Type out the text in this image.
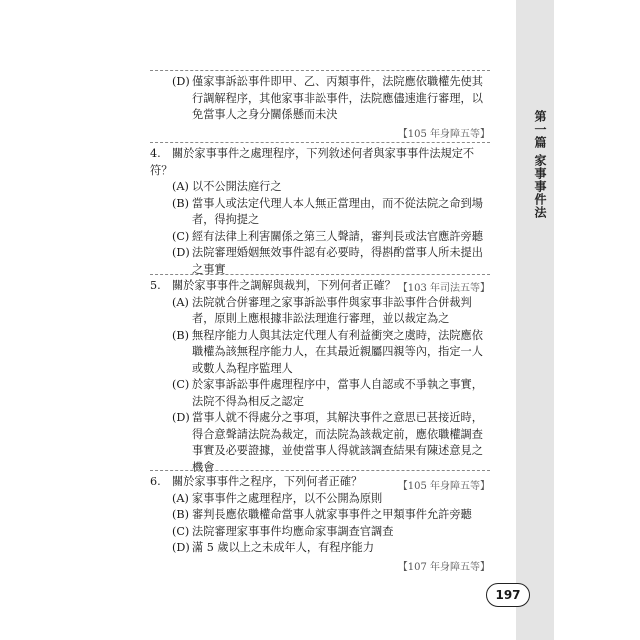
第一篇 家事事件法

(D) 僅家事訴訟事件即甲、乙、丙類事件，法院應依職權先使其行調解程序，其他家事非訟事件，法院應儘速進行審理，以免當事人之身分關係懸而未決

【105 年身障五等】

4. 關於家事事件之處理程序，下列敘述何者與家事事件法規定不符？

(A) 以不公開法庭行之

(B) 當事人或法定代理人本人無正當理由，而不從法院之命到場者，得拘提之

(C) 經有法律上利害關係之第三人聲請，審判長或法官應許旁聽

(D) 法院審理婚姻無效事件認有必要時，得斟酌當事人所未提出之事實

【103 年司法五等】

5. 關於家事事件之調解與裁判，下列何者正確？

(A) 法院就合併審理之家事訴訟事件與家事非訟事件合併裁判者，原則上應根據非訟法理進行審理，並以裁定為之

(B) 無程序能力人與其法定代理人有利益衝突之虞時，法院應依職權為該無程序能力人，在其最近親屬四親等內，指定一人或數人為程序監理人

(C) 於家事訴訟事件處理程序中，當事人自認或不爭執之事實，法院不得為相反之認定

(D) 當事人就不得處分之事項，其解決事件之意思已甚接近時，得合意聲請法院為裁定，而法院為該裁定前，應依職權調查事實及必要證據，並使當事人得就該調查結果有陳述意見之機會

【105 年身障五等】

6. 關於家事事件之程序，下列何者正確？

(A) 家事事件之處理程序，以不公開為原則

(B) 審判長應依職權命當事人就家事事件之甲類事件允許旁聽

(C) 法院審理家事事件均應命家事調查官調查

(D) 滿 5 歲以上之未成年人，有程序能力

【107 年身障五等】
197
